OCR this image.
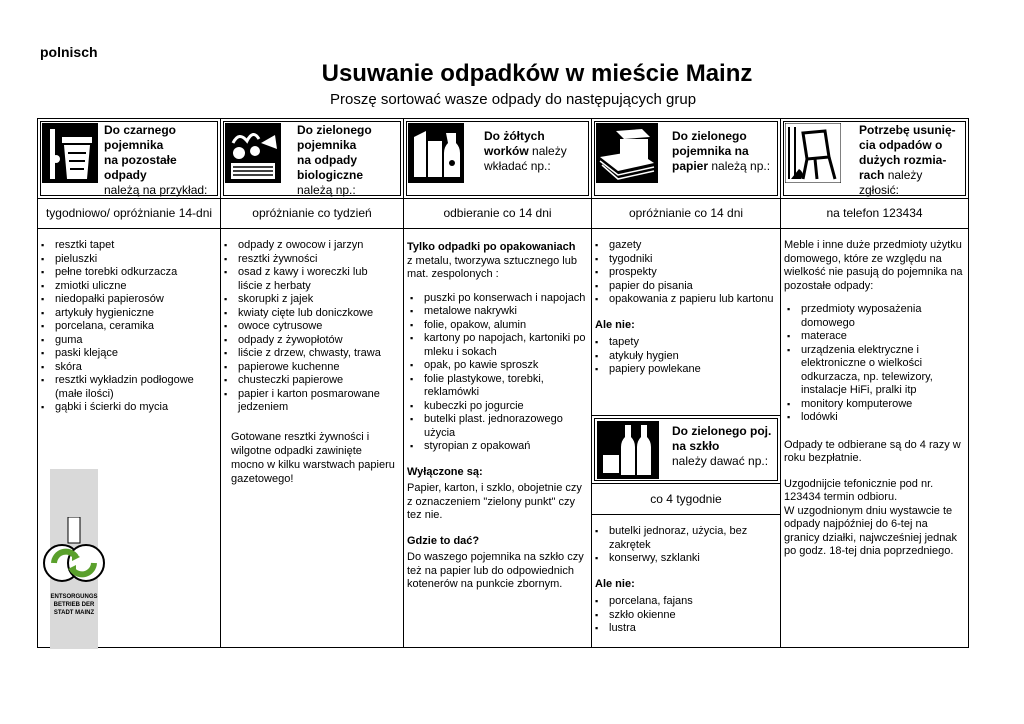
polnisch
Usuwanie odpadków w mieście Mainz
Proszę sortować wasze odpady do następujących grup
Do czarnego
pojemnika
na pozostałe
odpady
należą na przykład:
tygodniowo/ opróżnianie 14-dni
▪ resztki tapet
▪ pieluszki
▪ pełne torebki odkurzacza
▪ zmiotki uliczne
▪ niedopałki papierosów
▪ artykuły hygieniczne
▪ porcelana, ceramika
▪ guma
▪ paski klejące
▪ skóra
▪ resztki wykładzin podłogowe (małe ilości)
▪ gąbki i ścierki do mycia
ENTSORGUNGS
BETRIEB DER
STADT MAINZ
Do zielonego
pojemnika
na odpady
biologiczne
należą np.:
opróżnianie co tydzień
▪ odpady z owocow i jarzyn
▪ resztki żywności
▪ osad z kawy i woreczki lub liście z herbaty
▪ skorupki z jajek
▪ kwiaty cięte lub doniczkowe
▪ owoce cytrusowe
▪ odpady z żywopłotów
▪ liście z drzew, chwasty, trawa
▪ papierowe kuchenne
▪ chusteczki papierowe
▪ papier i karton posmarowane jedzeniem

Gotowane resztki żywności i wilgotne odpadki zawinięte mocno w kilku warstwach papieru gazetowego!

Do żółtych
worków należy
wkładać np.:
odbieranie co 14 dni

Tylko odpadki po opakowaniach

z metalu, tworzywa sztucznego lub mat. zespolonych :

▪ puszki po konserwach i napojach
▪ metalowe nakrywki
▪ folie, opakow, alumin
▪ kartony po napojach, kartoniki po mleku i sokach
▪ opak, po kawie sproszk
▪ folie plastykowe, torebki, reklamówki
▪ kubeczki po jogurcie
▪ butelki plast. jednorazowego użycia
▪ styropian z opakowań

Wyłączone są:

Papier, karton, i szklo, obojetnie czy z oznaczeniem "zielony punkt" czy tez nie.

Gdzie to dać?

Do waszego pojemnika na szkło czy też na papier lub do odpowiednich kotenerów na punkcie zbornym.

Do zielonego
pojemnika na
papier należą np.:
opróżnianie co 14 dni
▪ gazety
▪ tygodniki
▪ prospekty
▪ papier do pisania
▪ opakowania z papieru lub kartonu

Ale nie:

▪ tapety
▪ atykuły hygien
▪ papiery powlekane
Do zielonego poj.
na szkło
należy dawać np.:
co 4 tygodnie
▪ butelki jednoraz, użycia, bez zakrętek
▪ konserwy, szklanki

Ale nie:

▪ porcelana, fajans
▪ szkło okienne
▪ lustra
Potrzebę usunię-
cia odpadów o
dużych rozmia-
rach należy
zgłosić:
na telefon 123434

Meble i inne duże przedmioty użytku domowego, które ze względu na wielkość nie pasują do pojemnika na pozostałe odpady:

▪ przedmioty wyposażenia domowego
▪ materace
▪ urządzenia elektryczne i elektroniczne o wielkości odkurzacza, np. telewizory, instalacje HiFi, pralki itp
▪ monitory komputerowe
▪ lodówki

Odpady te odbierane są do 4 razy w roku bezpłatnie.

Uzgodnijcie tefonicznie pod nr. 123434 termin odbioru.

W uzgodnionym dniu wystawcie te odpady najpóźniej do 6-tej na granicy działki, najwcześniej jednak po godz. 18-tej dnia poprzedniego.
